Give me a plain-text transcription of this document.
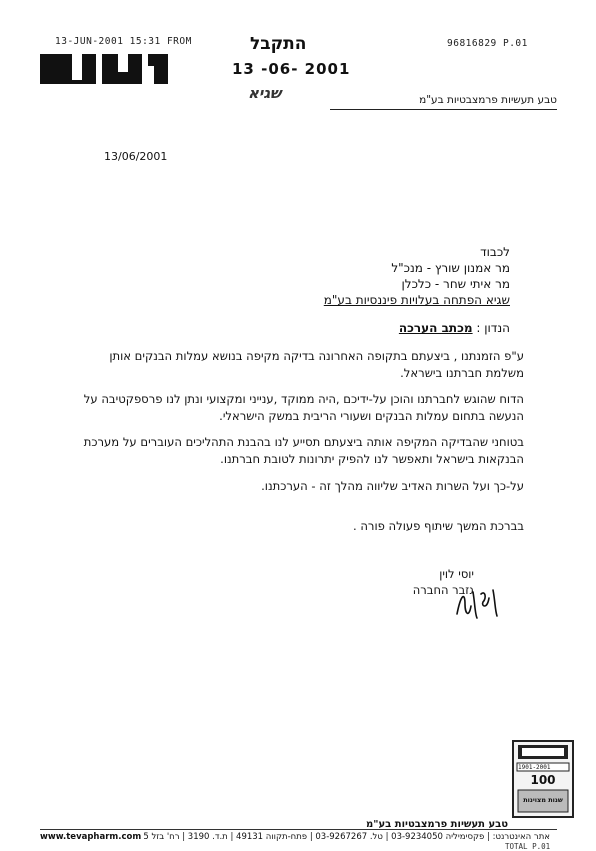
13-JUN-2001 15:31 FROM	96816829 P.01
התקבל
13 -06- 2001
שגיא	טבע תעשיות פרמצבטיות בע"מ
13/06/2001
לכבוד
מר אמנון שורץ - מנכ"ל
מר איתי שחר - כלכלן
שגיא הפתחה בעלויות פיננסיות בע"מ
הנדון : מכתב הערכה
ע"פ הזמנתנו , ביצעתם בתקופה האחרונה בדיקה מקיפה בנושא עמלות הבנקים אותן משלמת חברתנו בישראל.
הדוח שהוגש לחברתנו והוכן על-ידיכם ,היה ממוקד ,ענייני ומקצועי ונתן לנו פרספקטיבה על הנעשה בתחום עמלות הבנקים ושעורי הריבית במשק הישראלי.
בטוחני שהבדיקה המקיפה אותה ביצעתם תסייע לנו בהבנת התהליכים העוברים על מערכת הבנקאות בישראל ותאפשר לנו להפיק יתרונות לטובת חברתנו.
על-כך ועל השרות האדיב שליווה מהלך זה - הערכתנו.
בברכת המשך שיתוף פעולה פורה .
יוסי לוין
גזבר החברה
100
1901-2001
שנות מצוינות
טבע תעשיות פרמצבטיות בע"מ
www.tevapharm.com אתר האינטרנט: | פקסימיליה 03-9234050 | טל. 03-9267267 | פתח-תקווה 49131 | ת.ד. 3190 | רח' בזל 5
TOTAL P.01
